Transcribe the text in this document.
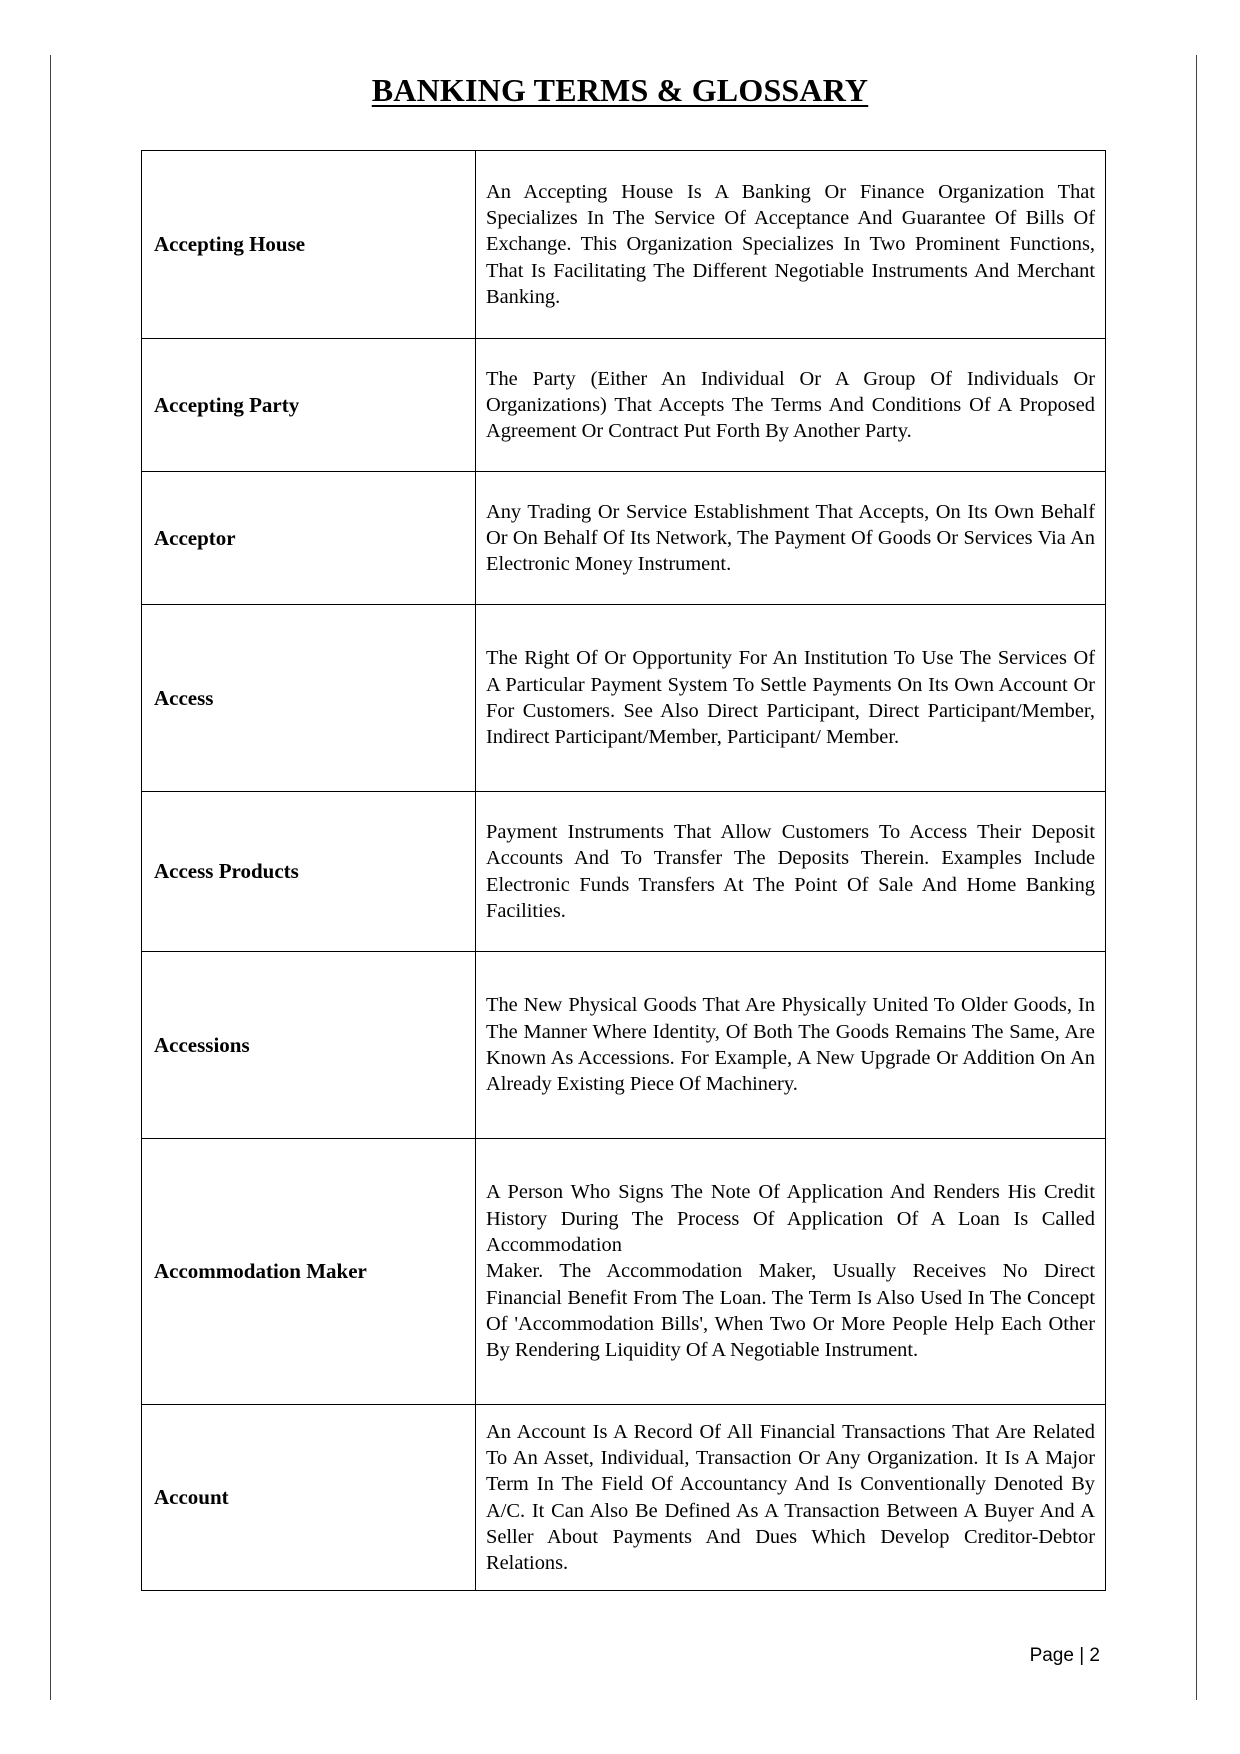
BANKING TERMS & GLOSSARY
Accepting House	An Accepting House Is A Banking Or Finance Organization That Specializes In The Service Of Acceptance And Guarantee Of Bills Of Exchange. This Organization Specializes In Two Prominent Functions, That Is Facilitating The Different Negotiable Instruments And Merchant Banking.
Accepting Party	The Party (Either An Individual Or A Group Of Individuals Or Organizations) That Accepts The Terms And Conditions Of A Proposed Agreement Or Contract Put Forth By Another Party.
Acceptor	Any Trading Or Service Establishment That Accepts, On Its Own Behalf Or On Behalf Of Its Network, The Payment Of Goods Or Services Via An Electronic Money Instrument.
Access	The Right Of Or Opportunity For An Institution To Use The Services Of A Particular Payment System To Settle Payments On Its Own Account Or For Customers. See Also Direct Participant, Direct Participant/Member, Indirect Participant/Member, Participant/ Member.
Access Products	Payment Instruments That Allow Customers To Access Their Deposit Accounts And To Transfer The Deposits Therein. Examples Include Electronic Funds Transfers At The Point Of Sale And Home Banking Facilities.
Accessions	The New Physical Goods That Are Physically United To Older Goods, In The Manner Where Identity, Of Both The Goods Remains The Same, Are Known As Accessions. For Example, A New Upgrade Or Addition On An Already Existing Piece Of Machinery.
Accommodation Maker	A Person Who Signs The Note Of Application And Renders His Credit History During The Process Of Application Of A Loan Is Called Accommodation
Maker. The Accommodation Maker, Usually Receives No Direct Financial Benefit From The Loan. The Term Is Also Used In The Concept Of 'Accommodation Bills', When Two Or More People Help Each Other By Rendering Liquidity Of A Negotiable Instrument.

Account	An Account Is A Record Of All Financial Transactions That Are Related To An Asset, Individual, Transaction Or Any Organization. It Is A Major Term In The Field Of Accountancy And Is Conventionally Denoted By A/C. It Can Also Be Defined As A Transaction Between A Buyer And A Seller About Payments And Dues Which Develop Creditor-Debtor Relations.
Page | 2
